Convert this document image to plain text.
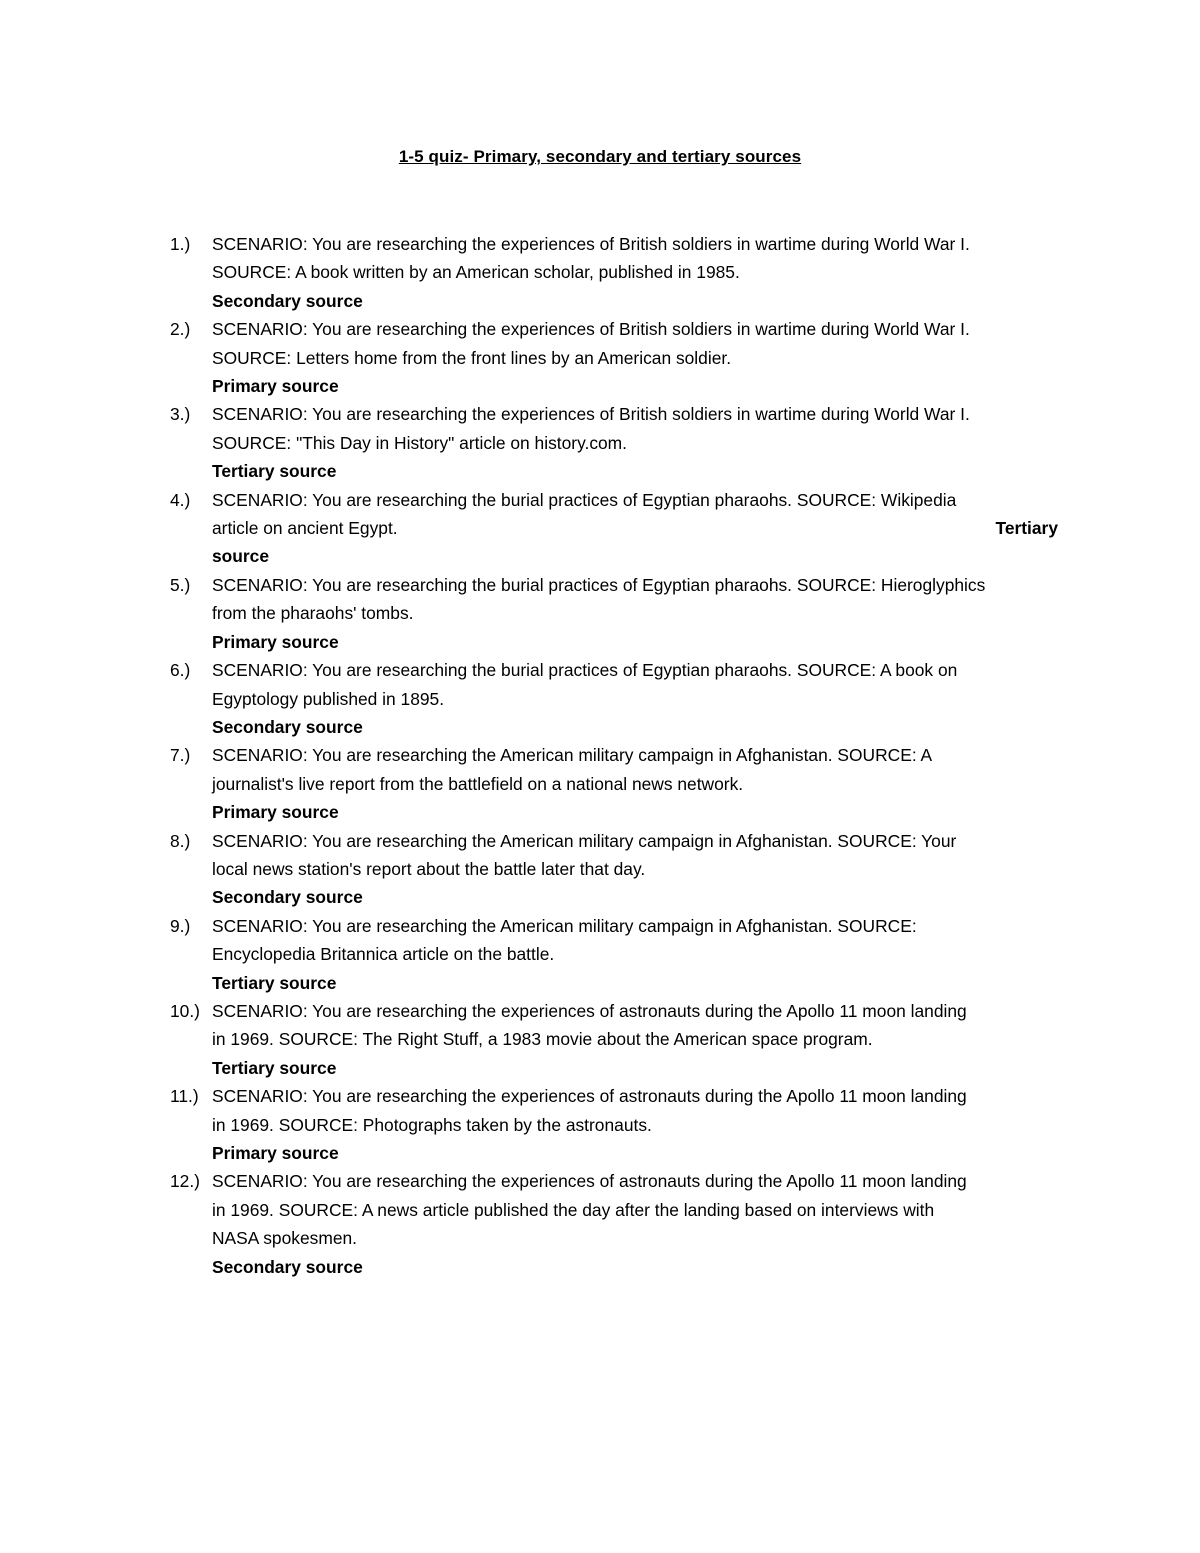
1-5 quiz- Primary, secondary and tertiary sources
1.) SCENARIO: You are researching the experiences of British soldiers in wartime during World War I.
SOURCE: A book written by an American scholar, published in 1985.
Secondary source
2.) SCENARIO: You are researching the experiences of British soldiers in wartime during World War I.
SOURCE: Letters home from the front lines by an American soldier.
Primary source
3.) SCENARIO: You are researching the experiences of British soldiers in wartime during World War I.
SOURCE: "This Day in History" article on history.com.
Tertiary source
4.) SCENARIO: You are researching the burial practices of Egyptian pharaohs. SOURCE: Wikipedia
article on ancient Egypt.	Tertiary
source
5.) SCENARIO: You are researching the burial practices of Egyptian pharaohs. SOURCE: Hieroglyphics
from the pharaohs' tombs.
Primary source
6.) SCENARIO: You are researching the burial practices of Egyptian pharaohs. SOURCE: A book on
Egyptology published in 1895.
Secondary source
7.) SCENARIO: You are researching the American military campaign in Afghanistan. SOURCE: A
journalist's live report from the battlefield on a national news network.
Primary source
8.) SCENARIO: You are researching the American military campaign in Afghanistan. SOURCE: Your
local news station's report about the battle later that day.
Secondary source
9.) SCENARIO: You are researching the American military campaign in Afghanistan. SOURCE:
Encyclopedia Britannica article on the battle.
Tertiary source
10.) SCENARIO: You are researching the experiences of astronauts during the Apollo 11 moon landing
in 1969. SOURCE: The Right Stuff, a 1983 movie about the American space program.
Tertiary source
11.) SCENARIO: You are researching the experiences of astronauts during the Apollo 11 moon landing
in 1969. SOURCE: Photographs taken by the astronauts.
Primary source
12.) SCENARIO: You are researching the experiences of astronauts during the Apollo 11 moon landing
in 1969. SOURCE: A news article published the day after the landing based on interviews with
NASA spokesmen.
Secondary source
